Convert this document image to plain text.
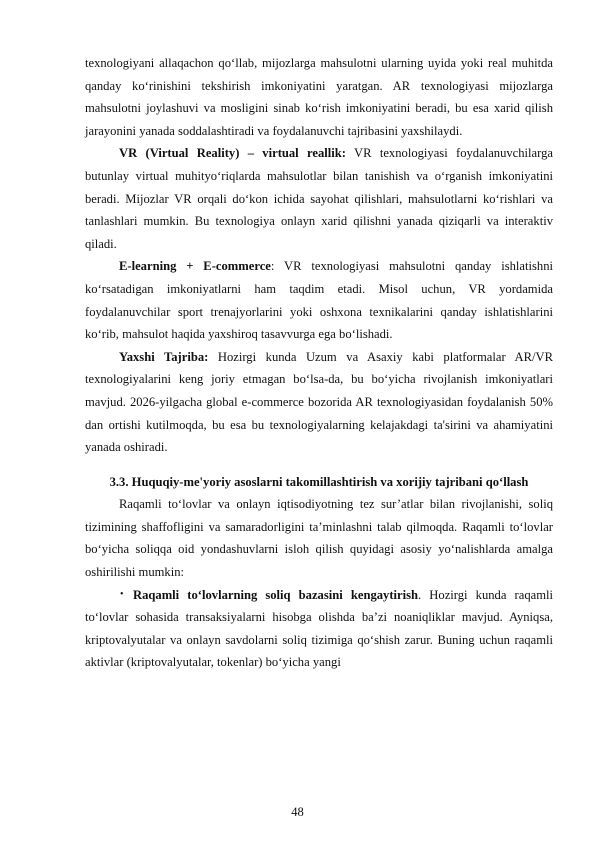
texnologiyani allaqachon qo‘llab, mijozlarga mahsulotni ularning uyida yoki real muhitda qanday ko‘rinishini tekshirish imkoniyatini yaratgan. AR texnologiyasi mijozlarga mahsulotni joylashuvi va mosligini sinab ko‘rish imkoniyatini beradi, bu esa xarid qilish jarayonini yanada soddalashtiradi va foydalanuvchi tajribasini yaxshilaydi.

VR (Virtual Reality) – virtual reallik: VR texnologiyasi foydalanuvchilarga butunlay virtual muhityo‘riqlarda mahsulotlar bilan tanishish va o‘rganish imkoniyatini beradi. Mijozlar VR orqali do‘kon ichida sayohat qilishlari, mahsulotlarni ko‘rishlari va tanlashlari mumkin. Bu texnologiya onlayn xarid qilishni yanada qiziqarli va interaktiv qiladi.

E-learning + E-commerce: VR texnologiyasi mahsulotni qanday ishlatishni ko‘rsatadigan imkoniyatlarni ham taqdim etadi. Misol uchun, VR yordamida foydalanuvchilar sport trenajyorlarini yoki oshxona texnikalarini qanday ishlatishlarini ko‘rib, mahsulot haqida yaxshiroq tasavvurga ega bo‘lishadi.

Yaxshi Tajriba: Hozirgi kunda Uzum va Asaxiy kabi platformalar AR/VR texnologiyalarini keng joriy etmagan bo‘lsa-da, bu bo‘yicha rivojlanish imkoniyatlari mavjud. 2026-yilgacha global e-commerce bozorida AR texnologiyasidan foydalanish 50% dan ortishi kutilmoqda, bu esa bu texnologiyalarning kelajakdagi ta'sirini va ahamiyatini yanada oshiradi.

3.3. Huquqiy-me'yoriy asoslarni takomillashtirish va xorijiy tajribani qo‘llash

Raqamli to‘lovlar va onlayn iqtisodiyotning tez sur’atlar bilan rivojlanishi, soliq tizimining shaffofligini va samaradorligini ta’minlashni talab qilmoqda. Raqamli to‘lovlar bo‘yicha soliqqa oid yondashuvlarni isloh qilish quyidagi asosiy yo‘nalishlarda amalga oshirilishi mumkin:

• Raqamli to‘lovlarning soliq bazasini kengaytirish. Hozirgi kunda raqamli to‘lovlar sohasida transaksiyalarni hisobga olishda ba’zi noaniqliklar mavjud. Ayniqsa, kriptovalyutalar va onlayn savdolarni soliq tizimiga qo‘shish zarur. Buning uchun raqamli aktivlar (kriptovalyutalar, tokenlar) bo‘yicha yangi
48
